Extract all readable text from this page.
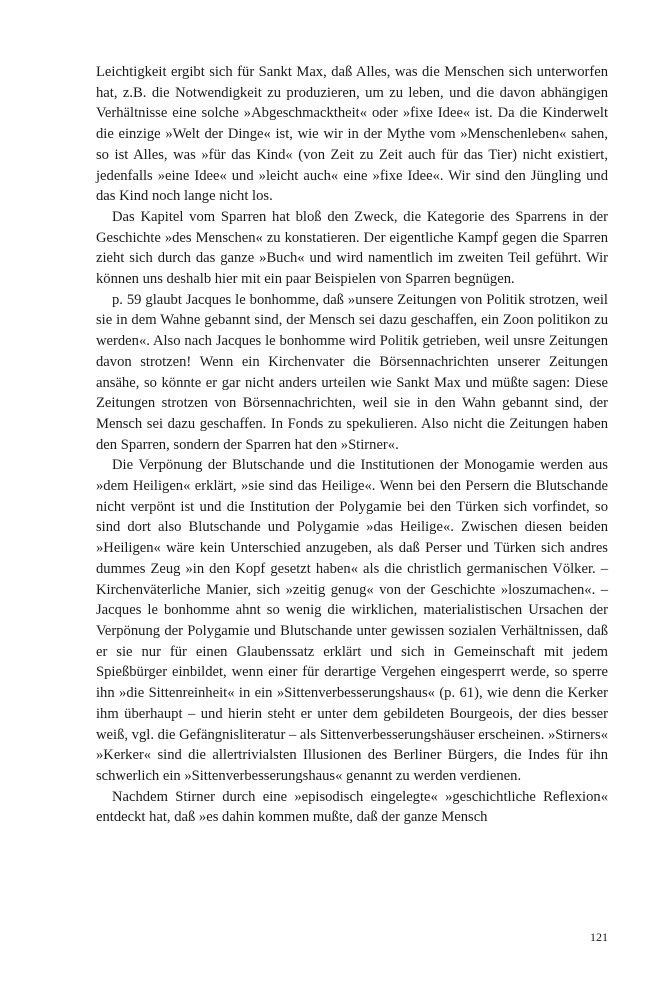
Leichtigkeit ergibt sich für Sankt Max, daß Alles, was die Menschen sich unterworfen hat, z.B. die Notwendigkeit zu produzieren, um zu leben, und die davon abhängigen Verhältnisse eine solche »Abgeschmacktheit« oder »fixe Idee« ist. Da die Kinderwelt die einzige »Welt der Dinge« ist, wie wir in der Mythe vom »Menschenleben« sahen, so ist Alles, was »für das Kind« (von Zeit zu Zeit auch für das Tier) nicht existiert, jedenfalls »eine Idee« und »leicht auch« eine »fixe Idee«. Wir sind den Jüngling und das Kind noch lange nicht los.

Das Kapitel vom Sparren hat bloß den Zweck, die Kategorie des Sparrens in der Geschichte »des Menschen« zu konstatieren. Der eigentliche Kampf gegen die Sparren zieht sich durch das ganze »Buch« und wird namentlich im zweiten Teil geführt. Wir können uns deshalb hier mit ein paar Beispielen von Sparren begnügen.

p. 59 glaubt Jacques le bonhomme, daß »unsere Zeitungen von Politik strotzen, weil sie in dem Wahne gebannt sind, der Mensch sei dazu geschaffen, ein Zoon politikon zu werden«. Also nach Jacques le bonhomme wird Politik getrieben, weil unsre Zeitungen davon strotzen! Wenn ein Kirchenvater die Börsennachrichten unserer Zeitungen ansähe, so könnte er gar nicht anders urteilen wie Sankt Max und müßte sagen: Diese Zeitungen strotzen von Börsennachrichten, weil sie in den Wahn gebannt sind, der Mensch sei dazu geschaffen. In Fonds zu spekulieren. Also nicht die Zeitungen haben den Sparren, sondern der Sparren hat den »Stirner«.

Die Verpönung der Blutschande und die Institutionen der Monogamie werden aus »dem Heiligen« erklärt, »sie sind das Heilige«. Wenn bei den Persern die Blutschande nicht verpönt ist und die Institution der Polygamie bei den Türken sich vorfindet, so sind dort also Blutschande und Polygamie »das Heilige«. Zwischen diesen beiden »Heiligen« wäre kein Unterschied anzugeben, als daß Perser und Türken sich andres dummes Zeug »in den Kopf gesetzt haben« als die christlich germanischen Völker. – Kirchenväterliche Manier, sich »zeitig genug« von der Geschichte »loszumachen«. – Jacques le bonhomme ahnt so wenig die wirklichen, materialistischen Ursachen der Verpönung der Polygamie und Blutschande unter gewissen sozialen Verhältnissen, daß er sie nur für einen Glaubenssatz erklärt und sich in Gemeinschaft mit jedem Spießbürger einbildet, wenn einer für derartige Vergehen eingesperrt werde, so sperre ihn »die Sittenreinheit« in ein »Sittenverbesserungshaus« (p. 61), wie denn die Kerker ihm überhaupt – und hierin steht er unter dem gebildeten Bourgeois, der dies besser weiß, vgl. die Gefängnisliteratur – als Sittenverbesserungshäuser erscheinen. »Stirners« »Kerker« sind die allertrivialsten Illusionen des Berliner Bürgers, die Indes für ihn schwerlich ein »Sittenverbesserungshaus« genannt zu werden verdienen.

Nachdem Stirner durch eine »episodisch eingelegte« »geschichtliche Reflexion« entdeckt hat, daß »es dahin kommen mußte, daß der ganze Mensch

121
